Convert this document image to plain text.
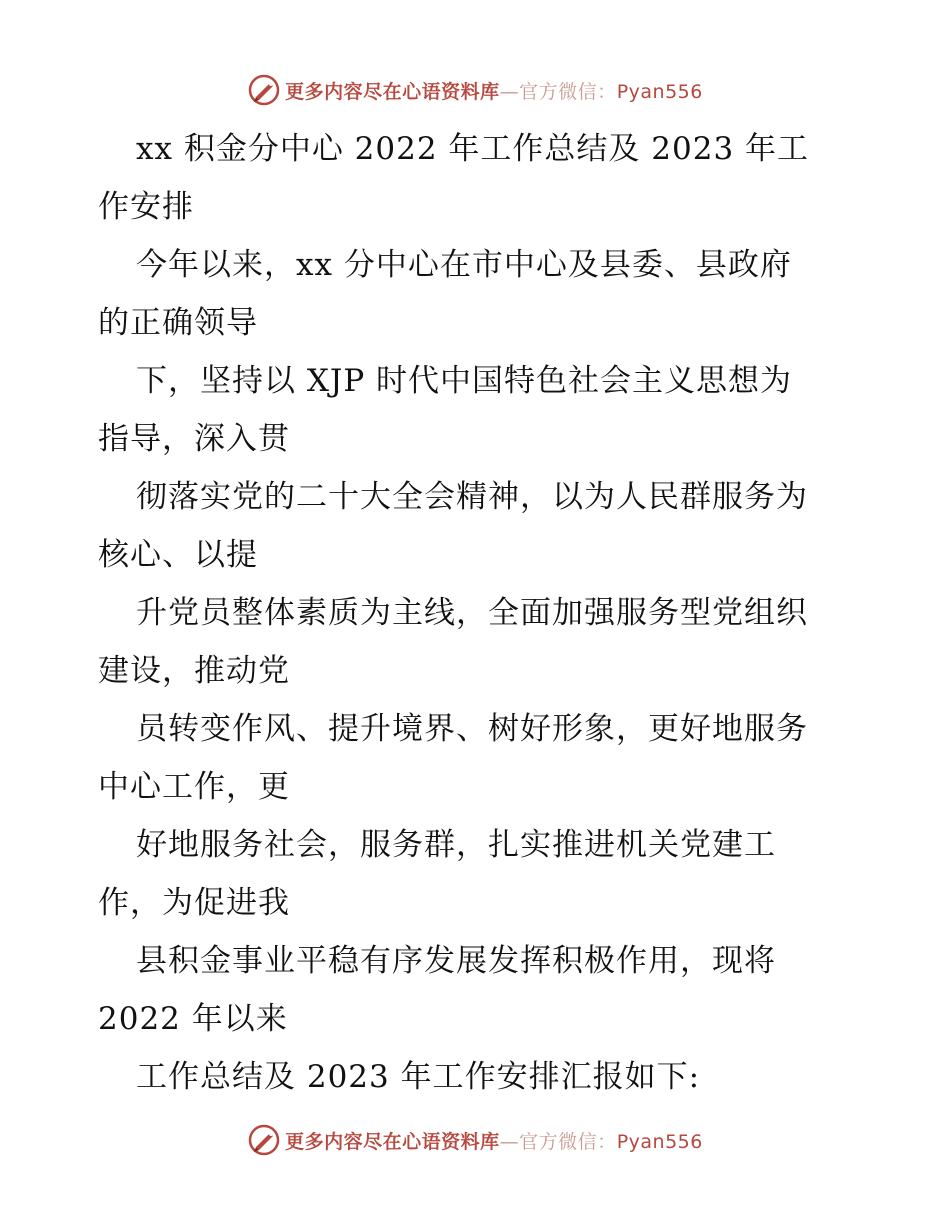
更多内容尽在心语资料库—官方微信：Pyan556
xx 积金分中心 2022 年工作总结及 2023 年工
作安排
今年以来，xx 分中心在市中心及县委、县政府
的正确领导
下，坚持以 XJP 时代中国特色社会主义思想为
指导，深入贯
彻落实党的二十大全会精神，以为人民群服务为
核心、以提
升党员整体素质为主线，全面加强服务型党组织
建设，推动党
员转变作风、提升境界、树好形象，更好地服务
中心工作，更
好地服务社会，服务群，扎实推进机关党建工
作，为促进我
县积金事业平稳有序发展发挥积极作用，现将
2022 年以来
工作总结及 2023 年工作安排汇报如下:
更多内容尽在心语资料库—官方微信：Pyan556
